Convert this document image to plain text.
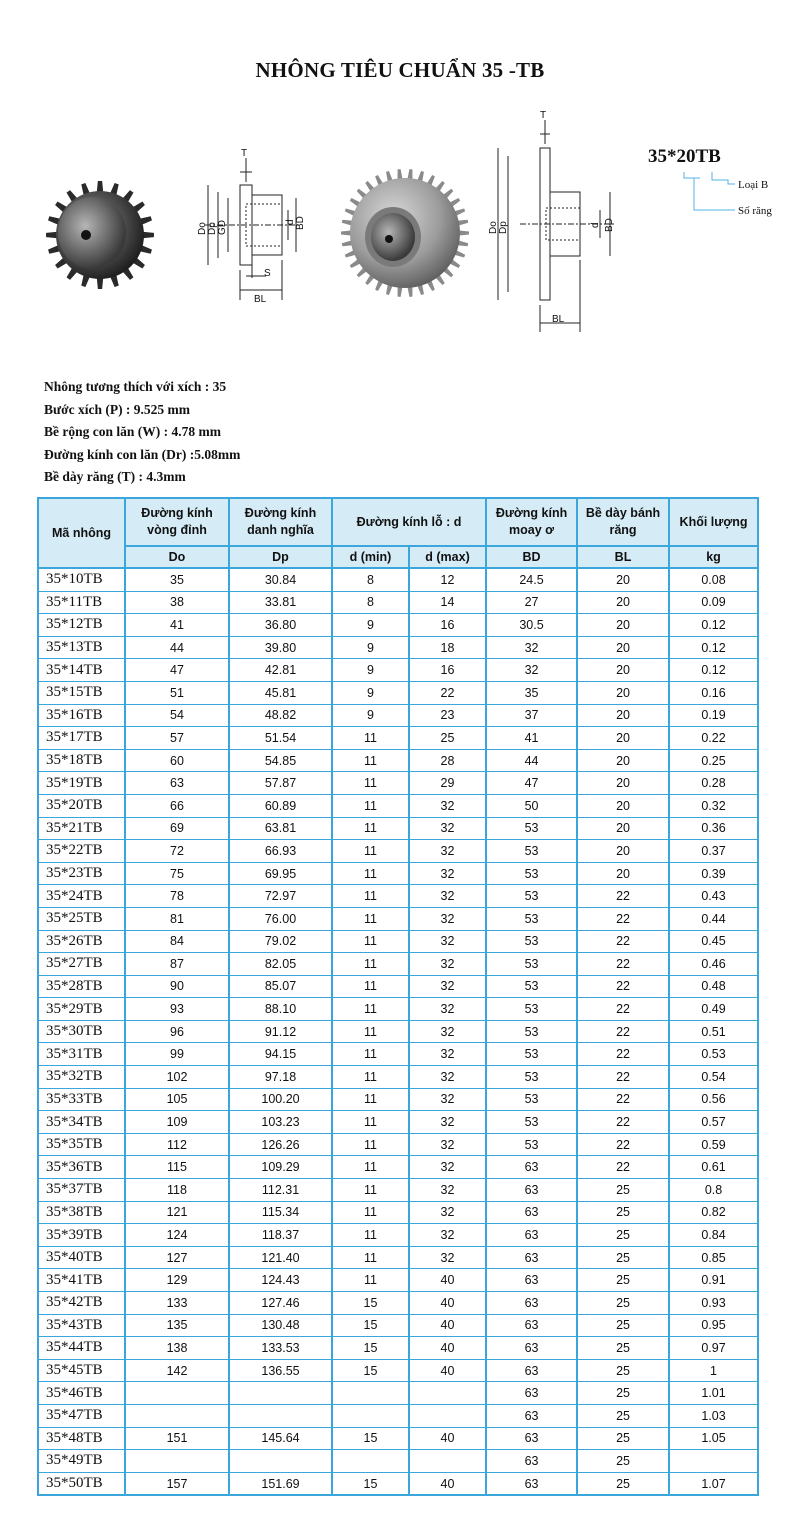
NHÔNG TIÊU CHUẨN 35 -TB
Do Dp GD	d BD
S
BL
T
Do Dp	d BD
BL
T
Loại B
Số răng
35*20TB
Nhông tương thích với xích : 35
Bước xích (P) : 9.525 mm
Bề rộng con lăn (W) : 4.78 mm
Đường kính con lăn (Dr) :5.08mm
Bề dày răng (T) : 4.3mm
Mã nhông	Đường kính vòng đỉnh	Đường kính danh nghĩa	Đường kính lỗ : d		Đường kính moay ơ	Bề dày bánh răng	Khối lượng
	Do	Dp	d (min)	d (max)	BD	BL	kg
35*10TB	35	30.84	8	12	24.5	20	0.08
35*11TB	38	33.81	8	14	27	20	0.09
35*12TB	41	36.80	9	16	30.5	20	0.12
35*13TB	44	39.80	9	18	32	20	0.12
35*14TB	47	42.81	9	16	32	20	0.12
35*15TB	51	45.81	9	22	35	20	0.16
35*16TB	54	48.82	9	23	37	20	0.19
35*17TB	57	51.54	11	25	41	20	0.22
35*18TB	60	54.85	11	28	44	20	0.25
35*19TB	63	57.87	11	29	47	20	0.28
35*20TB	66	60.89	11	32	50	20	0.32
35*21TB	69	63.81	11	32	53	20	0.36
35*22TB	72	66.93	11	32	53	20	0.37
35*23TB	75	69.95	11	32	53	20	0.39
35*24TB	78	72.97	11	32	53	22	0.43
35*25TB	81	76.00	11	32	53	22	0.44
35*26TB	84	79.02	11	32	53	22	0.45
35*27TB	87	82.05	11	32	53	22	0.46
35*28TB	90	85.07	11	32	53	22	0.48
35*29TB	93	88.10	11	32	53	22	0.49
35*30TB	96	91.12	11	32	53	22	0.51
35*31TB	99	94.15	11	32	53	22	0.53
35*32TB	102	97.18	11	32	53	22	0.54
35*33TB	105	100.20	11	32	53	22	0.56
35*34TB	109	103.23	11	32	53	22	0.57
35*35TB	112	126.26	11	32	53	22	0.59
35*36TB	115	109.29	11	32	63	22	0.61
35*37TB	118	112.31	11	32	63	25	0.8
35*38TB	121	115.34	11	32	63	25	0.82
35*39TB	124	118.37	11	32	63	25	0.84
35*40TB	127	121.40	11	32	63	25	0.85
35*41TB	129	124.43	11	40	63	25	0.91
35*42TB	133	127.46	15	40	63	25	0.93
35*43TB	135	130.48	15	40	63	25	0.95
35*44TB	138	133.53	15	40	63	25	0.97
35*45TB	142	136.55	15	40	63	25	1
35*46TB					63	25	1.01
35*47TB					63	25	1.03
35*48TB	151	145.64	15	40	63	25	1.05
35*49TB					63	25	
35*50TB	157	151.69	15	40	63	25	1.07
